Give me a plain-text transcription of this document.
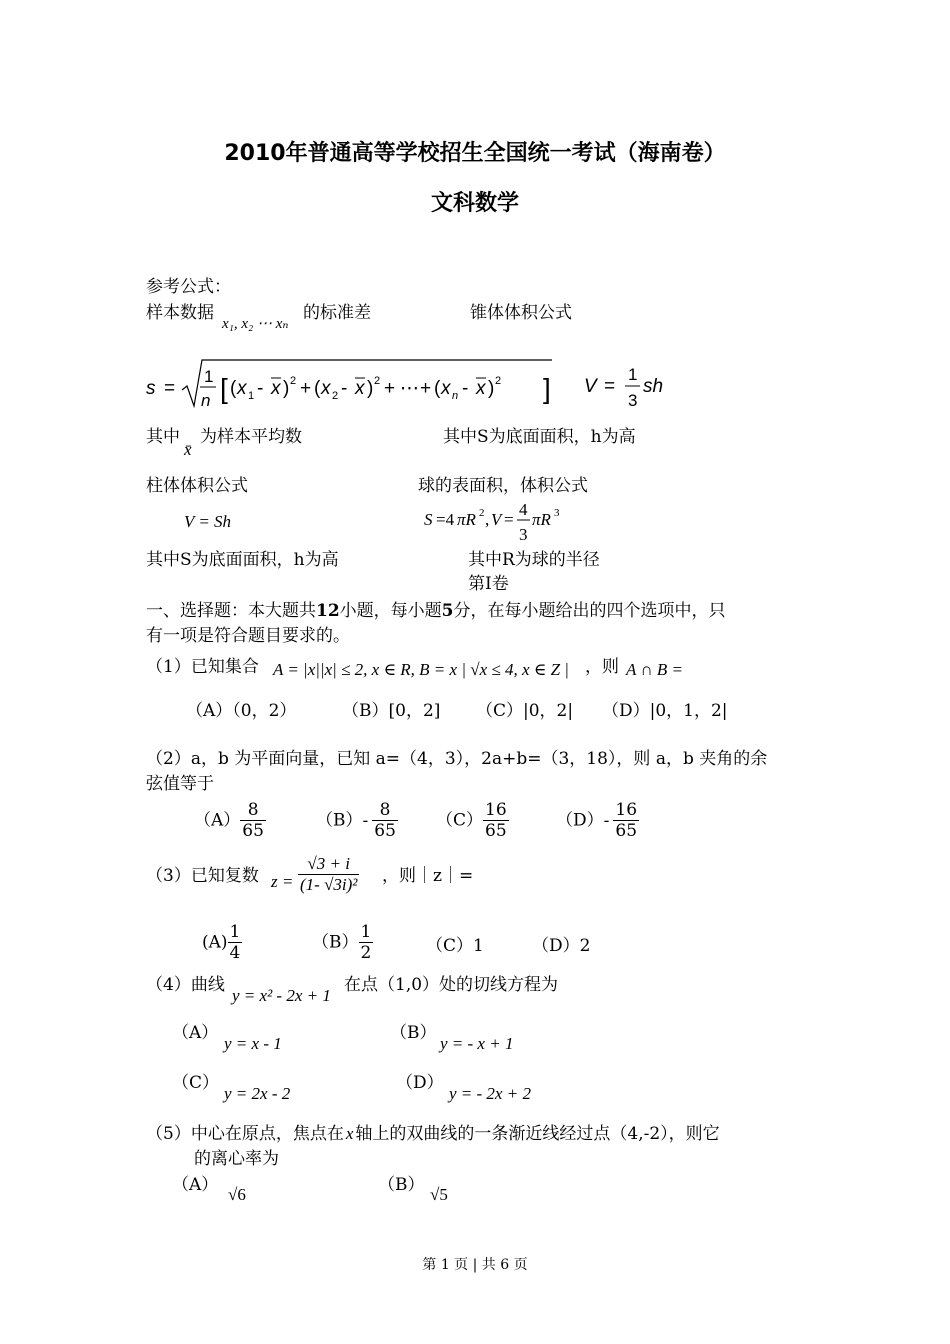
2010年普通高等学校招生全国统一考试（海南卷）
文科数学
参考公式：
样本数据
x₁, x₂ ⋯ xₙ
的标准差	锥体体积公式
s =
1
n [ ( x 1 - x ) 2 + ( x 2 - x ) 2 + ⋯ + ( x n - x ) 2 ] V =
1
3
sh
其中
x̄
为样本平均数	其中S为底面面积，h为高
柱体体积公式	球的表面积，体积公式
V = Sh	S =4 πR 2 , V =
4
3
πR 3
其中S为底面面积，h为高	其中R为球的半径
第Ⅰ卷
一、选择题：本大题共12小题，每小题5分，在每小题给出的四个选项中，只
有一项是符合题目要求的。
（1）已知集合 A = |x||x| ≤ 2, x ∈ R, B = x | √x ≤ 4, x ∈ Z | ，则 A ∩ B =
（A）（0，2）	（B）[0，2] （C）|0，2| （D）|0，1，2|
（2）a，b 为平面向量，已知 a=（4，3），2a+b=（3，18），则 a，b 夹角的余
弦值等于
$(A) \frac{8}{65}$	$(B)- \frac{8}{65} (C) \frac{16}{65}$	$(D)- \frac{16}{65}$
（3）已知复数 $z = \frac{√3 + i}{\text{(1- √3i)²}}$ ，则｜z｜=
$(A) \frac{1}{4}$	$(B) \frac{1}{2}$	（C）1	（D）2
（4）曲线
y = x² - 2x + 1
在点（1,0）处的切线方程为
（A）
y = x - 1
（B）
y = - x + 1
（C）
y = 2x - 2
（D）
y = - 2x + 2
（5）中心在原点，焦点在 x 轴上的双曲线的一条渐近线经过点（4,-2），则它
的离心率为
（A） √6	（B） √5
第 1 页 | 共 6 页
